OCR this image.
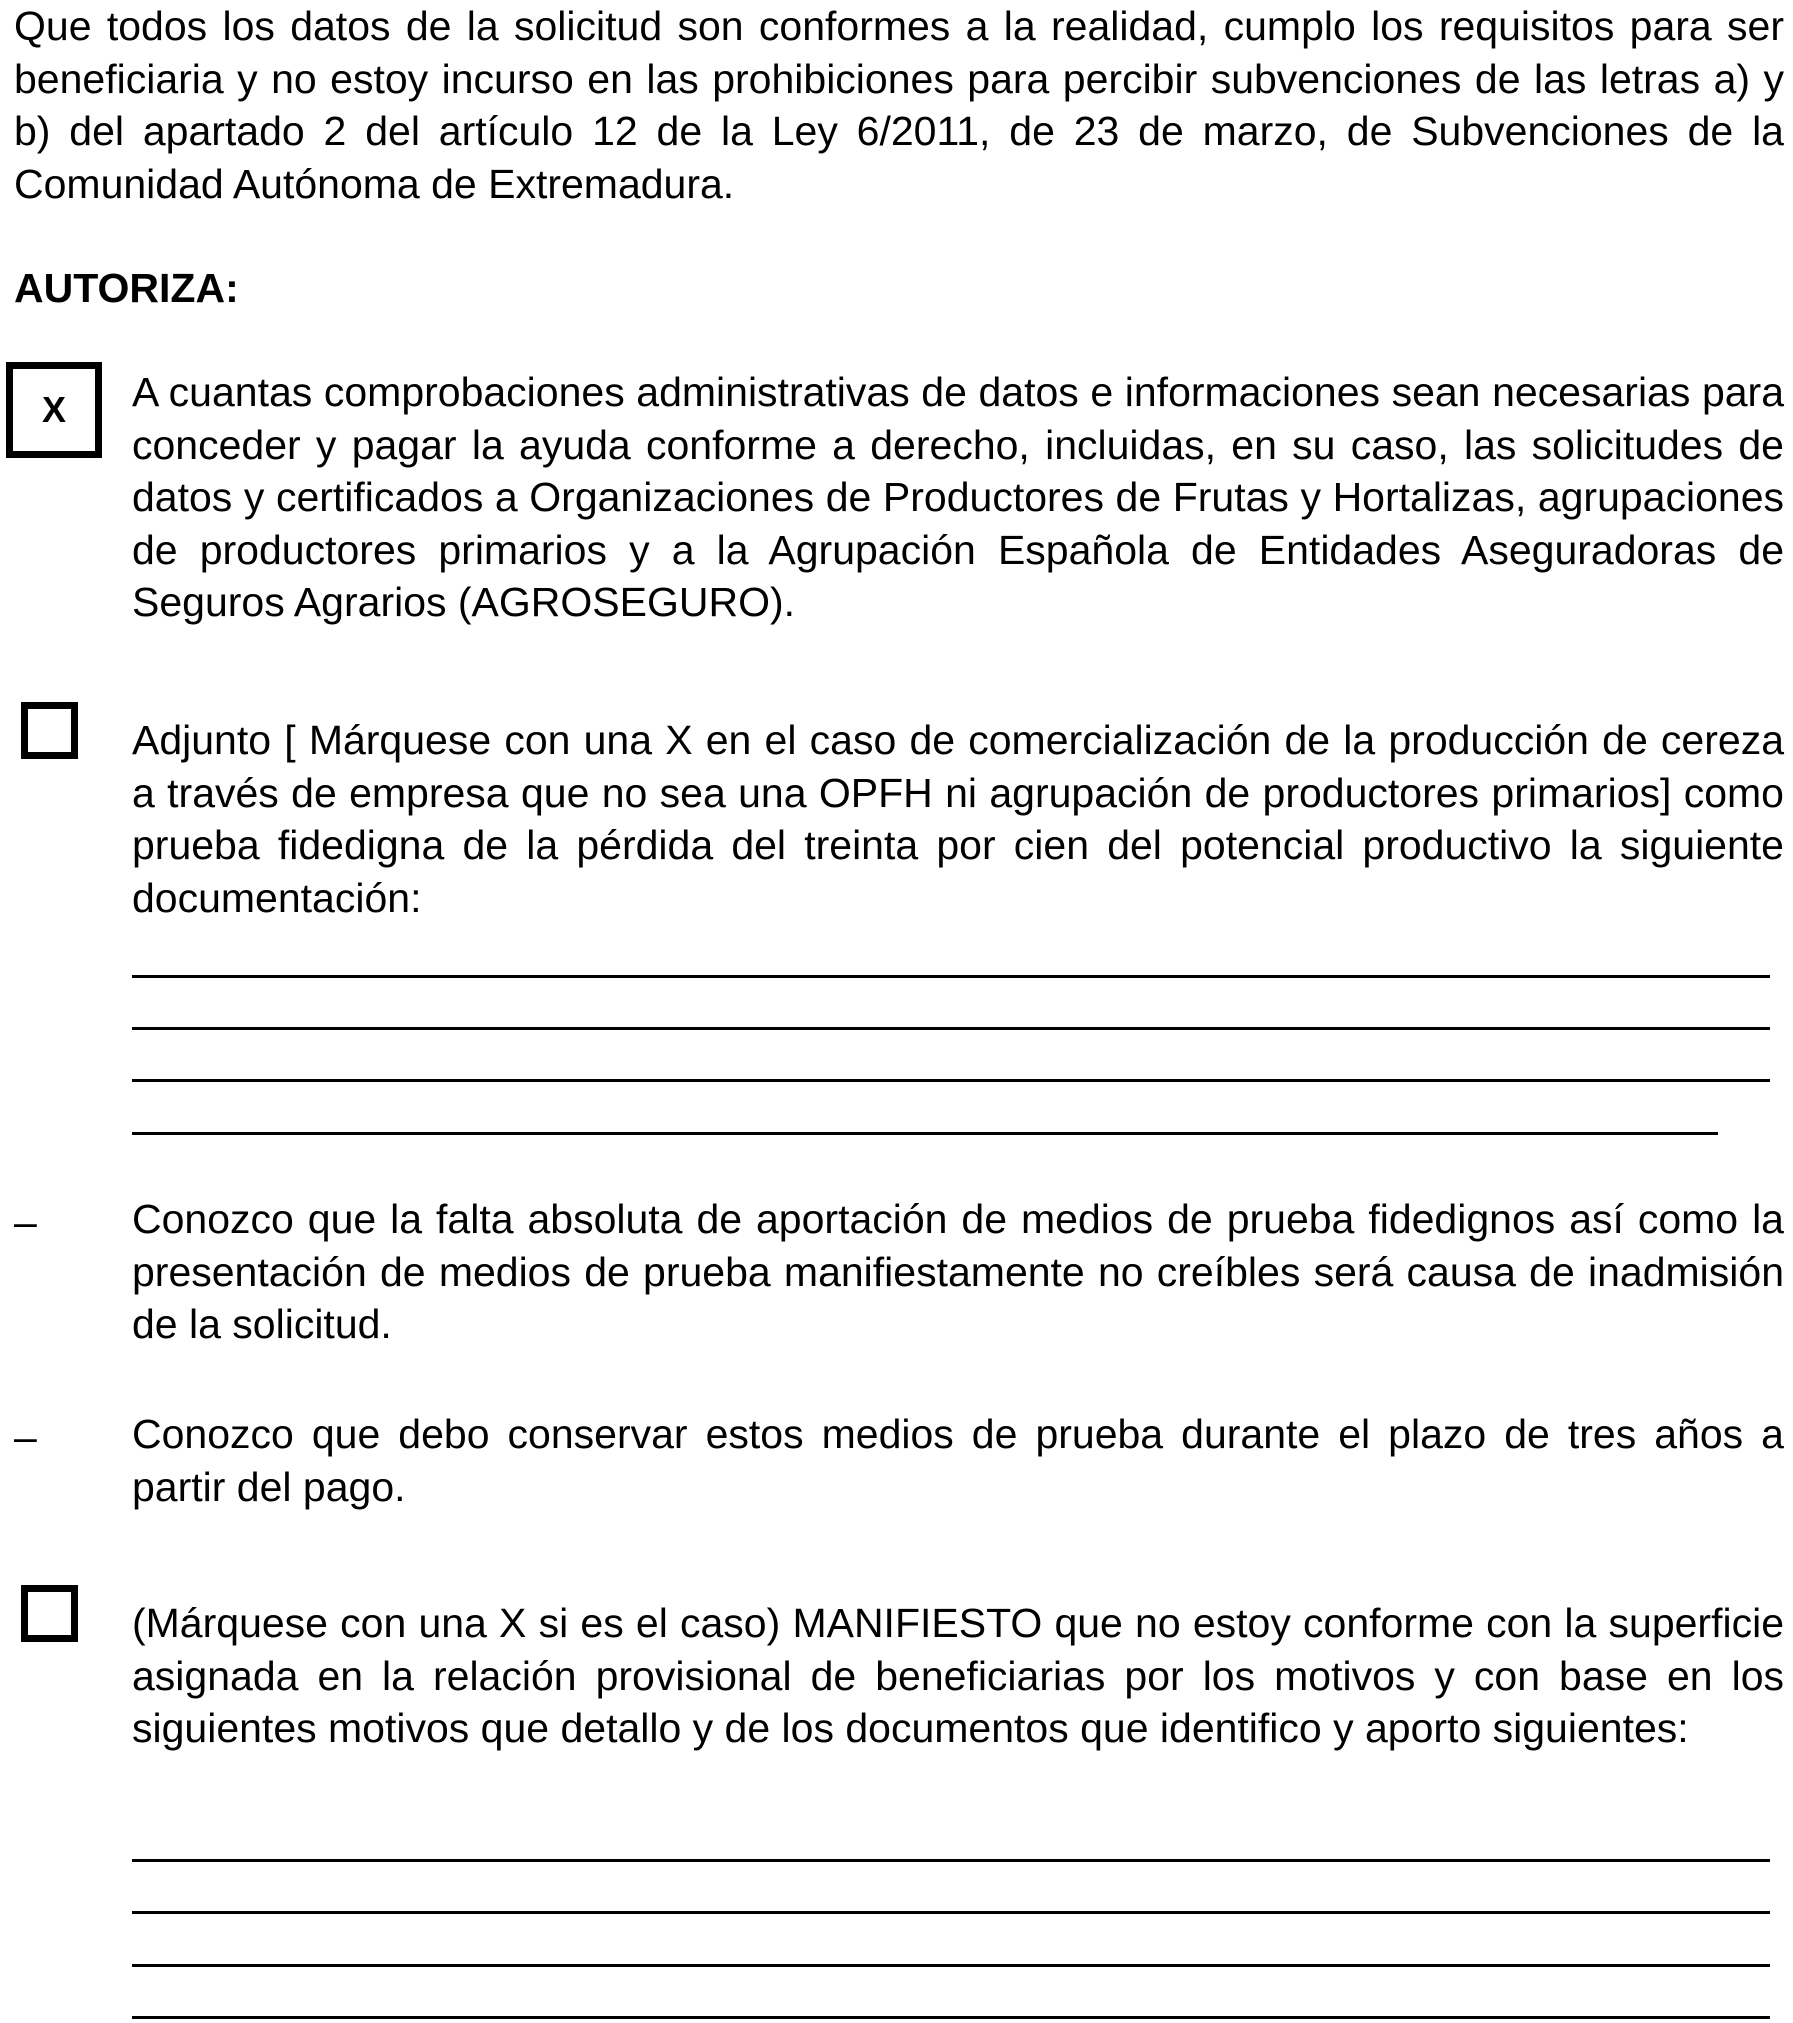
Que todos los datos de la solicitud son conformes a la realidad, cumplo los requisitos para ser beneficiaria y no estoy incurso en las prohibiciones para percibir subvenciones de las letras a) y b) del apartado 2 del artículo 12 de la Ley 6/2011, de 23 de marzo, de Subvenciones de la Comunidad Autónoma de Extremadura.

AUTORIZA:
X A cuantas comprobaciones administrativas de datos e informaciones sean necesarias para conceder y pagar la ayuda conforme a derecho, incluidas, en su caso, las solicitudes de datos y certificados a Organizaciones de Productores de Frutas y Hortalizas, agrupaciones de productores primarios y a la Agrupación Española de Entidades Aseguradoras de Seguros Agrarios (AGROSEGURO).

Adjunto [ Márquese con una X en el caso de comercialización de la producción de cereza a través de empresa que no sea una OPFH ni agrupación de productores primarios] como prueba fidedigna de la pérdida del treinta por cien del potencial productivo la siguiente documentación:

– Conozco que la falta absoluta de aportación de medios de prueba fidedignos así como la presentación de medios de prueba manifiestamente no creíbles será causa de inadmisión de la solicitud.

– Conozco que debo conservar estos medios de prueba durante el plazo de tres años a partir del pago.

(Márquese con una X si es el caso) MANIFIESTO que no estoy conforme con la superficie asignada en la relación provisional de beneficiarias por los motivos y con base en los siguientes motivos que detallo y de los documentos que identifico y aporto siguientes:
